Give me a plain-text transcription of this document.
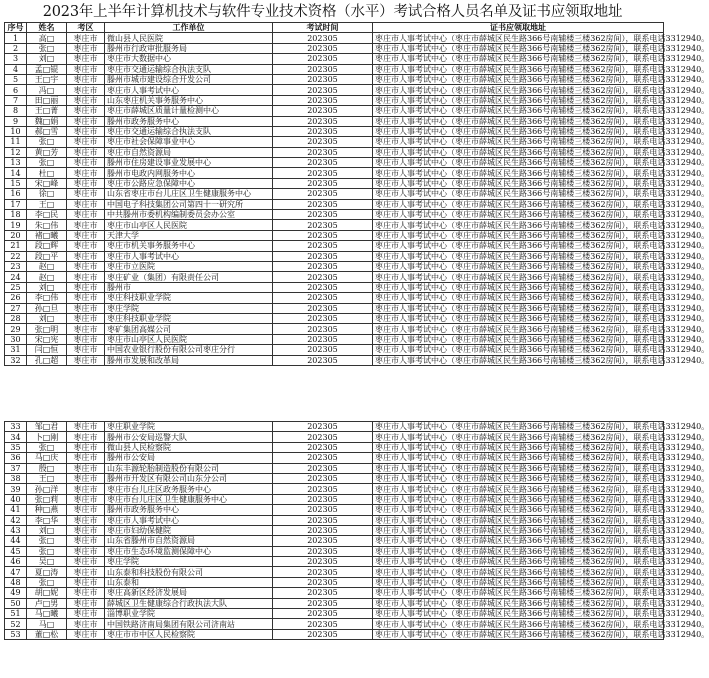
2023年上半年计算机技术与软件专业技术资格（水平）考试合格人员名单及证书应领取地址
序号	姓名	考区	工作单位	考试时间	证书应领取地址
1	高□	枣庄市	微山县人民医院	202305	枣庄市人事考试中心（枣庄市薛城区民生路366号南辅楼三楼362房间），联系电话3312940。
2	张□	枣庄市	滕州市行政审批服务局	202305	枣庄市人事考试中心（枣庄市薛城区民生路366号南辅楼三楼362房间），联系电话3312940。
3	刘□	枣庄市	枣庄市大数据中心	202305	枣庄市人事考试中心（枣庄市薛城区民生路366号南辅楼三楼362房间），联系电话3312940。
4	孟□锟	枣庄市	枣庄市交通运输综合执法支队	202305	枣庄市人事考试中心（枣庄市薛城区民生路366号南辅楼三楼362房间），联系电话3312940。
5	王□宇	枣庄市	滕州市城市建设综合开发公司	202305	枣庄市人事考试中心（枣庄市薛城区民生路366号南辅楼三楼362房间），联系电话3312940。
6	冯□	枣庄市	枣庄市人事考试中心	202305	枣庄市人事考试中心（枣庄市薛城区民生路366号南辅楼三楼362房间），联系电话3312940。
7	田□丽	枣庄市	山东枣庄机关事务服务中心	202305	枣庄市人事考试中心（枣庄市薛城区民生路366号南辅楼三楼362房间），联系电话3312940。
8	王□菁	枣庄市	枣庄市薛城区质量计量检测中心	202305	枣庄市人事考试中心（枣庄市薛城区民生路366号南辅楼三楼362房间），联系电话3312940。
9	魏□娟	枣庄市	滕州市政务服务中心	202305	枣庄市人事考试中心（枣庄市薛城区民生路366号南辅楼三楼362房间），联系电话3312940。
10	郝□雪	枣庄市	枣庄市交通运输综合执法支队	202305	枣庄市人事考试中心（枣庄市薛城区民生路366号南辅楼三楼362房间），联系电话3312940。
11	张□	枣庄市	枣庄市社会保障事业中心	202305	枣庄市人事考试中心（枣庄市薛城区民生路366号南辅楼三楼362房间），联系电话3312940。
12	黄□芳	枣庄市	枣庄市自然资源局	202305	枣庄市人事考试中心（枣庄市薛城区民生路366号南辅楼三楼362房间），联系电话3312940。
13	张□	枣庄市	滕州市住房建设事业发展中心	202305	枣庄市人事考试中心（枣庄市薛城区民生路366号南辅楼三楼362房间），联系电话3312940。
14	杜□	枣庄市	滕州市电政内网服务中心	202305	枣庄市人事考试中心（枣庄市薛城区民生路366号南辅楼三楼362房间），联系电话3312940。
15	宋□峰	枣庄市	枣庄市公路应急保障中心	202305	枣庄市人事考试中心（枣庄市薛城区民生路366号南辅楼三楼362房间），联系电话3312940。
16	徐□	枣庄市	山东省枣庄市台儿庄区卫生健康服务中心	202305	枣庄市人事考试中心（枣庄市薛城区民生路366号南辅楼三楼362房间），联系电话3312940。
17	王□	枣庄市	中国电子科技集团公司第四十一研究所	202305	枣庄市人事考试中心（枣庄市薛城区民生路366号南辅楼三楼362房间），联系电话3312940。
18	李□民	枣庄市	中共滕州市委机构编制委员会办公室	202305	枣庄市人事考试中心（枣庄市薛城区民生路366号南辅楼三楼362房间），联系电话3312940。
19	朱□伟	枣庄市	枣庄市山亭区人民医院	202305	枣庄市人事考试中心（枣庄市薛城区民生路366号南辅楼三楼362房间），联系电话3312940。
20	褚□曦	枣庄市	天津大学	202305	枣庄市人事考试中心（枣庄市薛城区民生路366号南辅楼三楼362房间），联系电话3312940。
21	段□辉	枣庄市	枣庄市机关事务服务中心	202305	枣庄市人事考试中心（枣庄市薛城区民生路366号南辅楼三楼362房间），联系电话3312940。
22	段□平	枣庄市	枣庄市人事考试中心	202305	枣庄市人事考试中心（枣庄市薛城区民生路366号南辅楼三楼362房间），联系电话3312940。
23	赵□	枣庄市	枣庄市立医院	202305	枣庄市人事考试中心（枣庄市薛城区民生路366号南辅楼三楼362房间），联系电话3312940。
24	赵□	枣庄市	枣庄矿业（集团）有限责任公司	202305	枣庄市人事考试中心（枣庄市薛城区民生路366号南辅楼三楼362房间），联系电话3312940。
25	刘□	枣庄市	滕州市	202305	枣庄市人事考试中心（枣庄市薛城区民生路366号南辅楼三楼362房间），联系电话3312940。
26	李□伟	枣庄市	枣庄科技职业学院	202305	枣庄市人事考试中心（枣庄市薛城区民生路366号南辅楼三楼362房间），联系电话3312940。
27	孙□旦	枣庄市	枣庄学院	202305	枣庄市人事考试中心（枣庄市薛城区民生路366号南辅楼三楼362房间），联系电话3312940。
28	刘□	枣庄市	枣庄科技职业学院	202305	枣庄市人事考试中心（枣庄市薛城区民生路366号南辅楼三楼362房间），联系电话3312940。
29	张□明	枣庄市	枣矿集团高媒公司	202305	枣庄市人事考试中心（枣庄市薛城区民生路366号南辅楼三楼362房间），联系电话3312940。
30	宋□宪	枣庄市	枣庄市山亭区人民医院	202305	枣庄市人事考试中心（枣庄市薛城区民生路366号南辅楼三楼362房间），联系电话3312940。
31	闫□恒	枣庄市	中国农业银行股份有限公司枣庄分行	202305	枣庄市人事考试中心（枣庄市薛城区民生路366号南辅楼三楼362房间），联系电话3312940。
32	孔□超	枣庄市	滕州市发展和改革局	202305	枣庄市人事考试中心（枣庄市薛城区民生路366号南辅楼三楼362房间），联系电话3312940。
33	邹□君	枣庄市	枣庄职业学院	202305	枣庄市人事考试中心（枣庄市薛城区民生路366号南辅楼三楼362房间），联系电话3312940。
34	卜□刚	枣庄市	滕州市公安局巡警大队	202305	枣庄市人事考试中心（枣庄市薛城区民生路366号南辅楼三楼362房间），联系电话3312940。
35	张□	枣庄市	微山县人民检察院	202305	枣庄市人事考试中心（枣庄市薛城区民生路366号南辅楼三楼362房间），联系电话3312940。
36	马□庆	枣庄市	滕州市公安局	202305	枣庄市人事考试中心（枣庄市薛城区民生路366号南辅楼三楼362房间），联系电话3312940。
37	殷□	枣庄市	山东丰源轮胎制造股份有限公司	202305	枣庄市人事考试中心（枣庄市薛城区民生路366号南辅楼三楼362房间），联系电话3312940。
38	王□	枣庄市	滕州市开发区有限公司山东分公司	202305	枣庄市人事考试中心（枣庄市薛城区民生路366号南辅楼三楼362房间），联系电话3312940。
39	孙□洋	枣庄市	枣庄市台儿庄区政务服务中心	202305	枣庄市人事考试中心（枣庄市薛城区民生路366号南辅楼三楼362房间），联系电话3312940。
40	张□莉	枣庄市	枣庄市台儿庄区卫生健康服务中心	202305	枣庄市人事考试中心（枣庄市薛城区民生路366号南辅楼三楼362房间），联系电话3312940。
41	种□燕	枣庄市	滕州市政务服务中心	202305	枣庄市人事考试中心（枣庄市薛城区民生路366号南辅楼三楼362房间），联系电话3312940。
42	李□华	枣庄市	枣庄市人事考试中心	202305	枣庄市人事考试中心（枣庄市薛城区民生路366号南辅楼三楼362房间），联系电话3312940。
43	刘□	枣庄市	枣庄市妇幼保健院	202305	枣庄市人事考试中心（枣庄市薛城区民生路366号南辅楼三楼362房间），联系电话3312940。
44	张□	枣庄市	山东省滕州市自然资源局	202305	枣庄市人事考试中心（枣庄市薛城区民生路366号南辅楼三楼362房间），联系电话3312940。
45	张□	枣庄市	枣庄市生态环境监测保障中心	202305	枣庄市人事考试中心（枣庄市薛城区民生路366号南辅楼三楼362房间），联系电话3312940。
46	吴□	枣庄市	枣庄学院	202305	枣庄市人事考试中心（枣庄市薛城区民生路366号南辅楼三楼362房间），联系电话3312940。
47	夏□涛	枣庄市	山东泰和科技股份有限公司	202305	枣庄市人事考试中心（枣庄市薛城区民生路366号南辅楼三楼362房间），联系电话3312940。
48	张□	枣庄市	山东泰和	202305	枣庄市人事考试中心（枣庄市薛城区民生路366号南辅楼三楼362房间），联系电话3312940。
49	胡□妮	枣庄市	枣庄高新区经济发展局	202305	枣庄市人事考试中心（枣庄市薛城区民生路366号南辅楼三楼362房间），联系电话3312940。
50	卢□男	枣庄市	薛城区卫生健康综合行政执法大队	202305	枣庄市人事考试中心（枣庄市薛城区民生路366号南辅楼三楼362房间），联系电话3312940。
51	马□曦	枣庄市	淄博职业学院	202305	枣庄市人事考试中心（枣庄市薛城区民生路366号南辅楼三楼362房间），联系电话3312940。
52	马□	枣庄市	中国铁路济南局集团有限公司济南站	202305	枣庄市人事考试中心（枣庄市薛城区民生路366号南辅楼三楼362房间），联系电话3312940。
53	董□松	枣庄市	枣庄市市中区人民检察院	202305	枣庄市人事考试中心（枣庄市薛城区民生路366号南辅楼三楼362房间），联系电话3312940。
